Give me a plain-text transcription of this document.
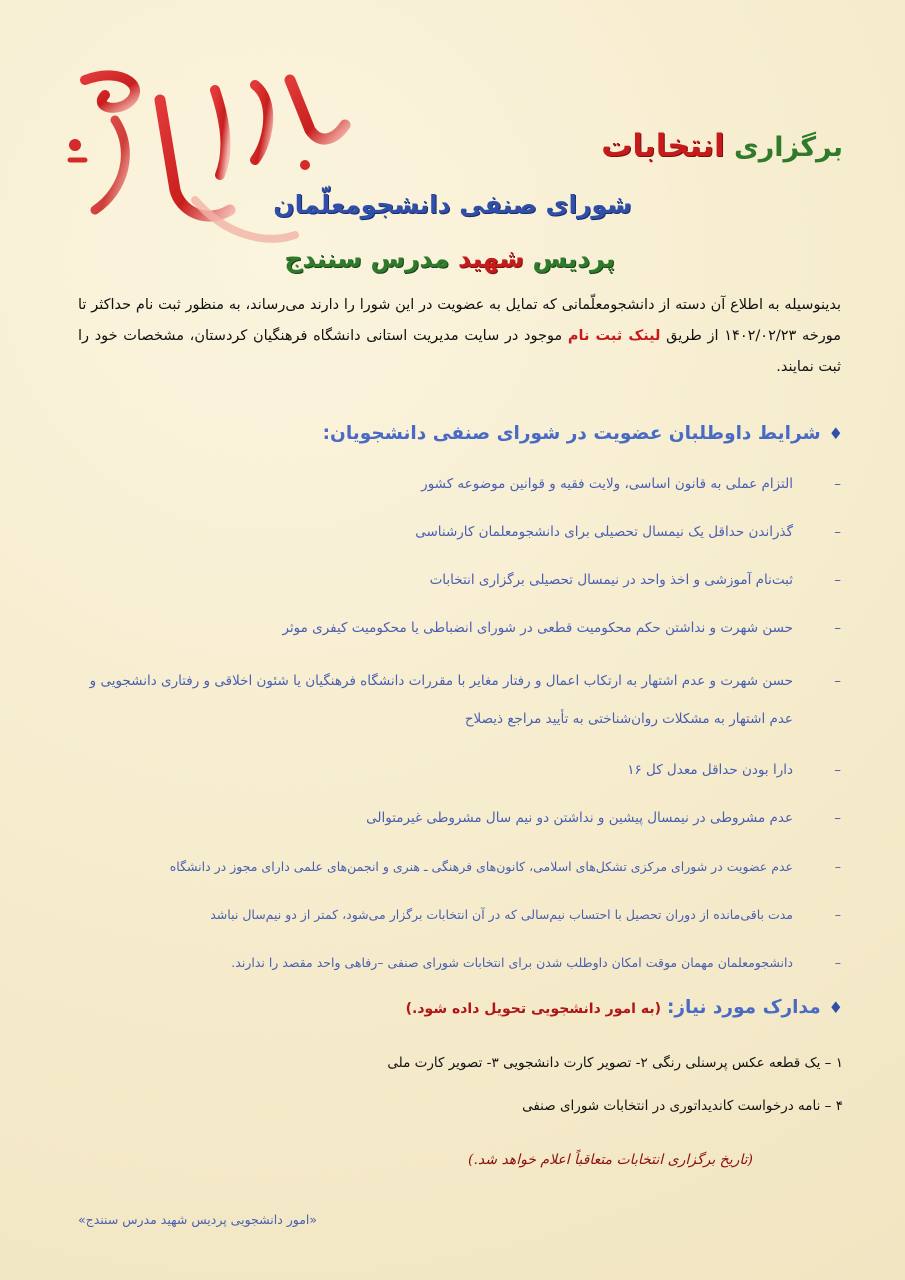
برگزاری انتخابات
شورای صنفی دانشجومعلّمان
پردیس شهید مدرس سنندج
بدینوسیله به اطلاع آن دسته از دانشجومعلّمانی که تمایل به عضویت در این شورا را دارند می‌رساند، به منظور ثبت نام حداکثر تا مورخه ۱۴۰۲/۰۲/۲۳ از طریق لینک ثبت نام موجود در سایت مدیریت استانی دانشگاه فرهنگیان کردستان، مشخصات خود را ثبت نمایند.
♦شرایط داوطلبان عضویت در شورای صنفی دانشجویان:
–
التزام عملی به قانون اساسی، ولایت فقیه و قوانین موضوعه کشور
–
گذراندن حداقل یک نیمسال تحصیلی برای دانشجومعلمان کارشناسی
–
ثبت‌نام آموزشی و اخذ واحد در نیمسال تحصیلی برگزاری انتخابات
–
حسن شهرت و نداشتن حکم محکومیت قطعی در شورای انضباطی یا محکومیت کیفری موثر
–
حسن شهرت و عدم اشتهار به ارتکاب اعمال و رفتار مغایر با مقررات دانشگاه فرهنگیان یا شئون اخلاقی و رفتاری دانشجویی و عدم اشتهار به مشکلات روان‌شناختی به تأیید مراجع ذیصلاح
–
دارا بودن حداقل معدل کل ۱۶
–
عدم مشروطی در نیمسال پیشین و نداشتن دو نیم سال مشروطی غیرمتوالی
–
عدم عضویت در شورای مرکزی تشکل‌های اسلامی، کانون‌های فرهنگی ـ هنری و انجمن‌های علمی دارای مجوز در دانشگاه
–
مدت باقی‌مانده از دوران تحصیل با احتساب نیم‌سالی که در آن انتخابات برگزار می‌شود، کمتر از دو نیم‌سال نباشد
–
دانشجومعلمان مهمان موقت امکان داوطلب شدن برای انتخابات شورای صنفی –رفاهی واحد مقصد را ندارند.
♦مدارک مورد نیاز:(به امور دانشجویی تحویل داده شود.)
۱ – یک قطعه عکس پرسنلی رنگی ۲- تصویر کارت دانشجویی ۳- تصویر کارت ملی
۴ – نامه درخواست کاندیداتوری در انتخابات شورای صنفی
(تاریخ برگزاری انتخابات متعاقباً اعلام خواهد شد.)
«امور دانشجویی پردیس شهید مدرس سنندج»
